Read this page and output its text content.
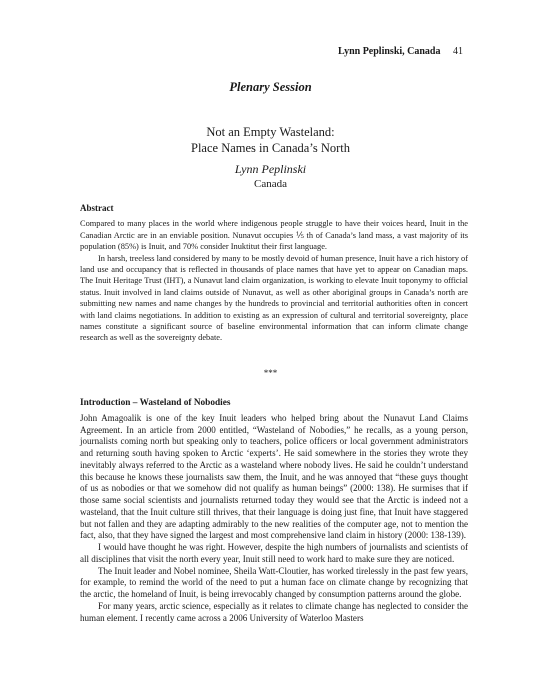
Lynn Peplinski, Canada 41
Plenary Session
Not an Empty Wasteland:
Place Names in Canada’s North
Lynn Peplinski
Canada
Abstract

Compared to many places in the world where indigenous people struggle to have their voices heard, Inuit in the Canadian Arctic are in an enviable position. Nunavut occupies ⅕ th of Canada’s land mass, a vast majority of its population (85%) is Inuit, and 70% consider Inuktitut their first language.

In harsh, treeless land considered by many to be mostly devoid of human presence, Inuit have a rich history of land use and occupancy that is reflected in thousands of place names that have yet to appear on Canadian maps. The Inuit Heritage Trust (IHT), a Nunavut land claim organization, is working to elevate Inuit toponymy to official status. Inuit involved in land claims outside of Nunavut, as well as other aboriginal groups in Canada’s north are submitting new names and name changes by the hundreds to provincial and territorial authorities often in concert with land claims negotiations. In addition to existing as an expression of cultural and territorial sovereignty, place names constitute a significant source of baseline environmental information that can inform climate change research as well as the sovereignty debate.

***
Introduction – Wasteland of Nobodies

John Amagoalik is one of the key Inuit leaders who helped bring about the Nunavut Land Claims Agreement. In an article from 2000 entitled, “Wasteland of Nobodies,” he recalls, as a young person, journalists coming north but speaking only to teachers, police officers or local government administrators and returning south having spoken to Arctic ‘experts’. He said somewhere in the stories they wrote they inevitably always referred to the Arctic as a wasteland where nobody lives. He said he couldn’t understand this because he knows these journalists saw them, the Inuit, and he was annoyed that “these guys thought of us as nobodies or that we somehow did not qualify as human beings” (2000: 138). He surmises that if those same social scientists and journalists returned today they would see that the Arctic is indeed not a wasteland, that the Inuit culture still thrives, that their language is doing just fine, that Inuit have staggered but not fallen and they are adapting admirably to the new realities of the computer age, not to mention the fact, also, that they have signed the largest and most comprehensive land claim in history (2000: 138-139).

I would have thought he was right. However, despite the high numbers of journalists and scientists of all disciplines that visit the north every year, Inuit still need to work hard to make sure they are noticed.

The Inuit leader and Nobel nominee, Sheila Watt-Cloutier, has worked tirelessly in the past few years, for example, to remind the world of the need to put a human face on climate change by recognizing that the arctic, the homeland of Inuit, is being irrevocably changed by consumption patterns around the globe.

For many years, arctic science, especially as it relates to climate change has neglected to consider the human element. I recently came across a 2006 University of Waterloo Masters
